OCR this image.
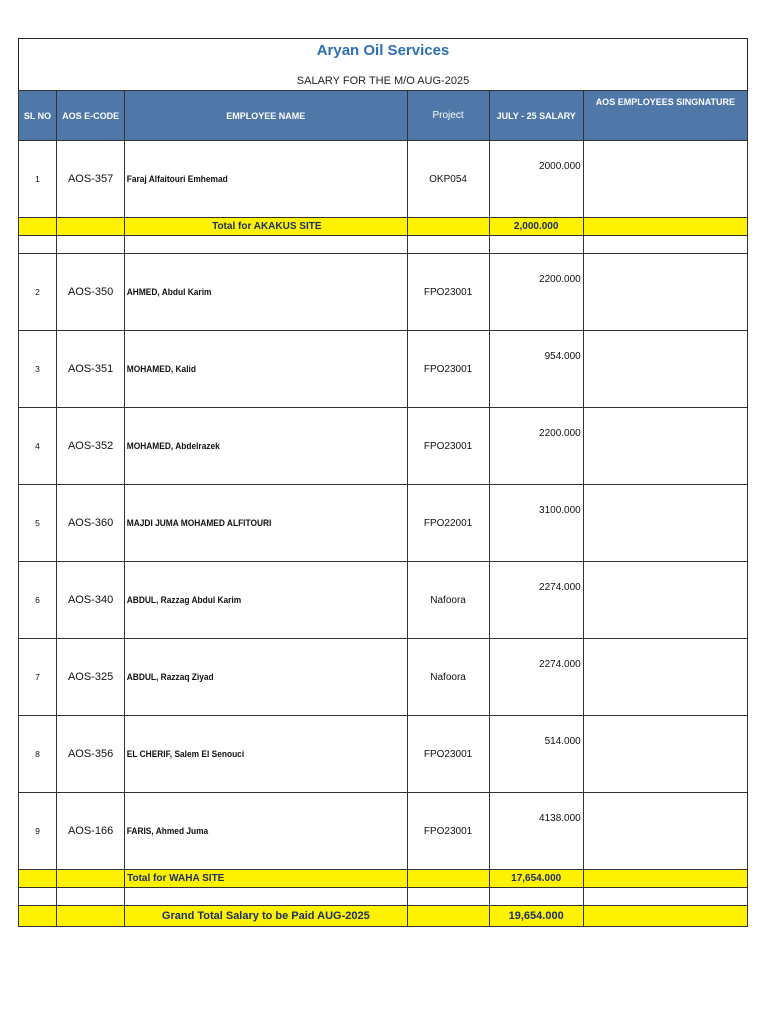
Aryan Oil Services
SALARY FOR THE M/O AUG-2025
SL NO	AOS E-CODE	EMPLOYEE NAME	Project	JULY - 25 SALARY	AOS EMPLOYEES SINGNATURE
1	AOS-357	Faraj Alfaitouri Emhemad	OKP054	2000.000	
		Total for AKAKUS SITE		2,000.000	

2	AOS-350	AHMED, Abdul Karim	FPO23001	2200.000	
3	AOS-351	MOHAMED, Kalid	FPO23001	954.000	
4	AOS-352	MOHAMED, Abdelrazek	FPO23001	2200.000	
5	AOS-360	MAJDI JUMA MOHAMED ALFITOURI	FPO22001	3100.000	
6	AOS-340	ABDUL, Razzag Abdul Karim	Nafoora	2274.000	
7	AOS-325	ABDUL, Razzaq Ziyad	Nafoora	2274.000	
8	AOS-356	EL CHERIF, Salem El Senouci	FPO23001	514.000	
9	AOS-166	FARIS, Ahmed Juma	FPO23001	4138.000	
		Total for WAHA SITE		17,654.000	

		Grand Total Salary to be Paid AUG-2025		19,654.000	
